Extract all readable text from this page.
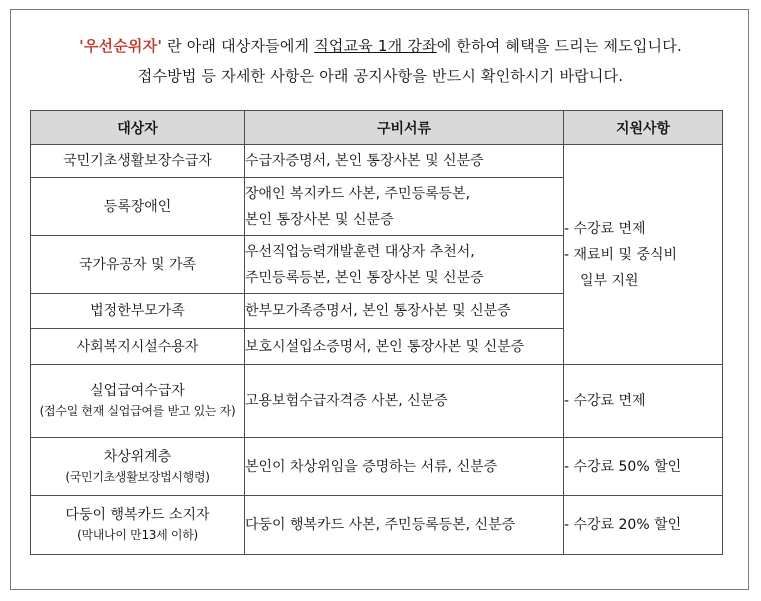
'우선순위자' 란 아래 대상자들에게 직업교육 1개 강좌에 한하여 혜택을 드리는 제도입니다.
접수방법 등 자세한 사항은 아래 공지사항을 반드시 확인하시기 바랍니다.
대상자	구비서류	지원사항
국민기초생활보장수급자	수급자증명서, 본인 통장사본 및 신분증	- 수강료 면제
- 재료비 및 중식비
일부 지원

등록장애인	장애인 복지카드 사본, 주민등록등본,
본인 통장사본 및 신분증	

국가유공자 및 가족	우선직업능력개발훈련 대상자 추천서,
주민등록등본, 본인 통장사본 및 신분증	

법정한부모가족	한부모가족증명서, 본인 통장사본 및 신분증	
사회복지시설수용자	보호시설입소증명서, 본인 통장사본 및 신분증	

실업급여수급자
(접수일 현재 실업급여를 받고 있는 자)	고용보험수급자격증 사본, 신분증	- 수강료 면제

차상위계층
(국민기초생활보장법시행령)	본인이 차상위임을 증명하는 서류, 신분증	- 수강료 50% 할인

다둥이 행복카드 소지자
(막내나이 만13세 이하)	다둥이 행복카드 사본, 주민등록등본, 신분증	- 수강료 20% 할인
